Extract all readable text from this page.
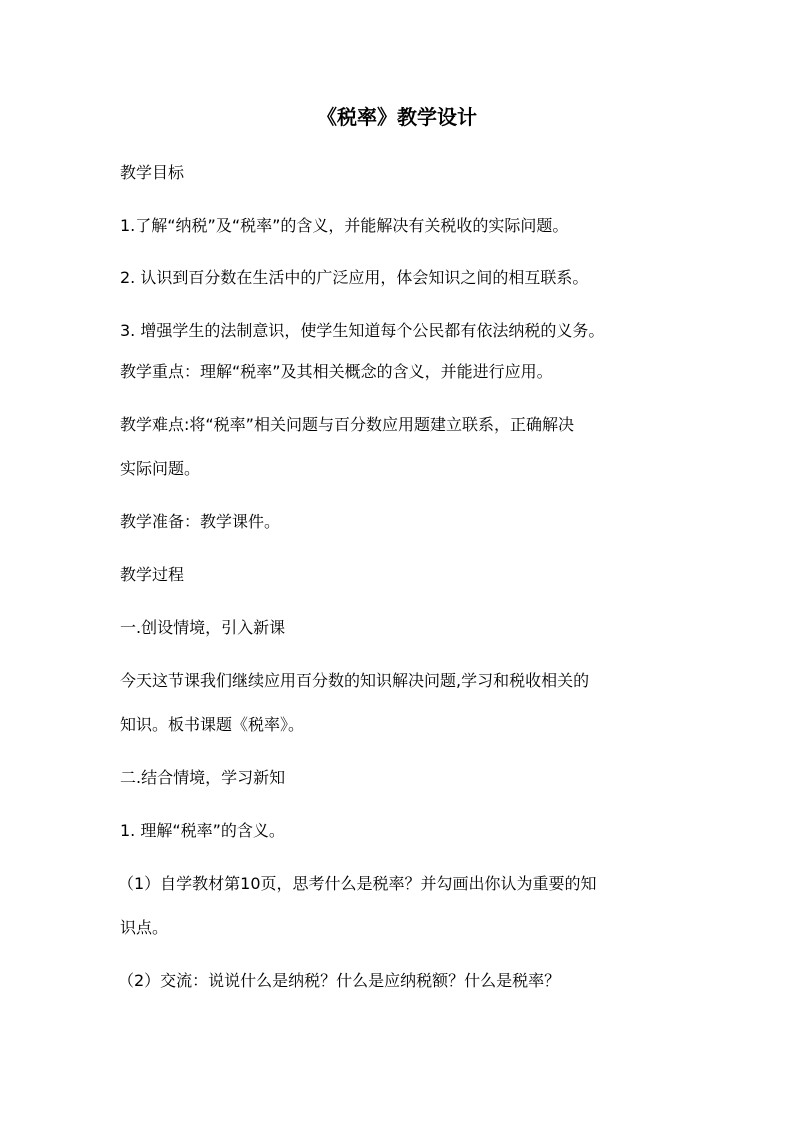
《税率》教学设计
教学目标
1.了解“纳税”及“税率”的含义，并能解决有关税收的实际问题。
2. 认识到百分数在生活中的广泛应用，体会知识之间的相互联系。
3. 增强学生的法制意识，使学生知道每个公民都有依法纳税的义务。
教学重点：理解“税率”及其相关概念的含义，并能进行应用。
教学难点:将“税率”相关问题与百分数应用题建立联系，正确解决
实际问题。
教学准备：教学课件。
教学过程
一.创设情境，引入新课
今天这节课我们继续应用百分数的知识解决问题,学习和税收相关的
知识。板书课题《税率》。
二.结合情境，学习新知
1. 理解“税率”的含义。
（1）自学教材第10页，思考什么是税率？并勾画出你认为重要的知
识点。
（2）交流：说说什么是纳税？什么是应纳税额？什么是税率？
